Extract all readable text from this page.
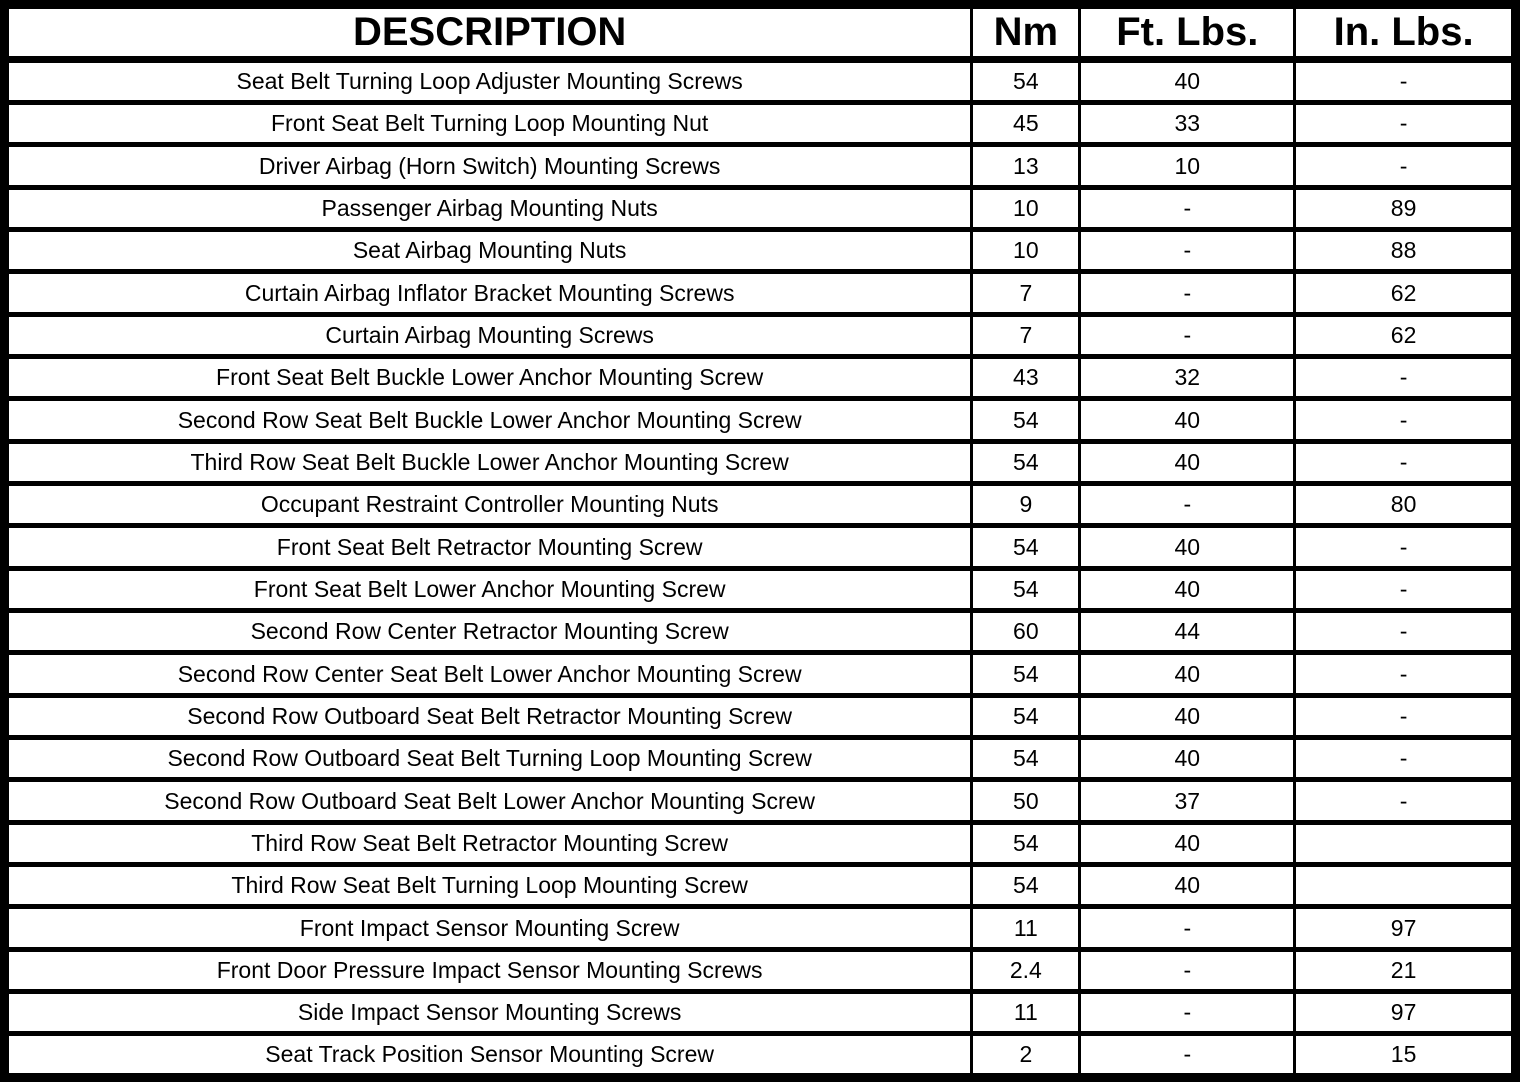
DESCRIPTION	Nm	Ft. Lbs.	In. Lbs.
Seat Belt Turning Loop Adjuster Mounting Screws	54	40	-
Front Seat Belt Turning Loop Mounting Nut	45	33	-
Driver Airbag (Horn Switch) Mounting Screws	13	10	-
Passenger Airbag Mounting Nuts	10	-	89
Seat Airbag Mounting Nuts	10	-	88
Curtain Airbag Inflator Bracket Mounting Screws	7	-	62
Curtain Airbag Mounting Screws	7	-	62
Front Seat Belt Buckle Lower Anchor Mounting Screw	43	32	-
Second Row Seat Belt Buckle Lower Anchor Mounting Screw	54	40	-
Third Row Seat Belt Buckle Lower Anchor Mounting Screw	54	40	-
Occupant Restraint Controller Mounting Nuts	9	-	80
Front Seat Belt Retractor Mounting Screw	54	40	-
Front Seat Belt Lower Anchor Mounting Screw	54	40	-
Second Row Center Retractor Mounting Screw	60	44	-
Second Row Center Seat Belt Lower Anchor Mounting Screw	54	40	-
Second Row Outboard Seat Belt Retractor Mounting Screw	54	40	-
Second Row Outboard Seat Belt Turning Loop Mounting Screw	54	40	-
Second Row Outboard Seat Belt Lower Anchor Mounting Screw	50	37	-
Third Row Seat Belt Retractor Mounting Screw	54	40	
Third Row Seat Belt Turning Loop Mounting Screw	54	40	
Front Impact Sensor Mounting Screw	11	-	97
Front Door Pressure Impact Sensor Mounting Screws	2.4	-	21
Side Impact Sensor Mounting Screws	11	-	97
Seat Track Position Sensor Mounting Screw	2	-	15
